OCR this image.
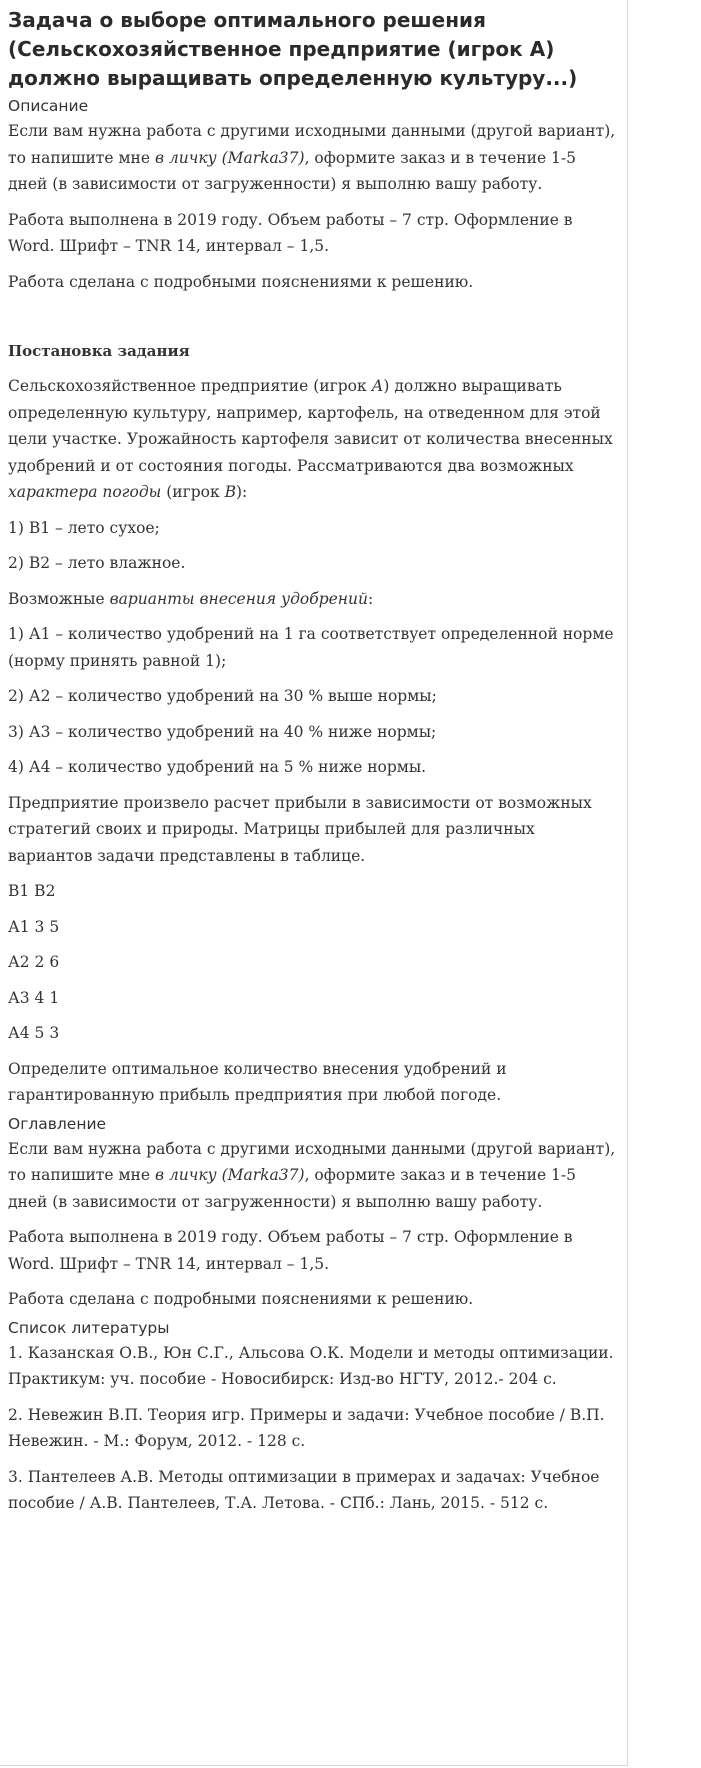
Задача о выборе оптимального решения (Сельскохозяйственное предприятие (игрок А) должно выращивать определенную культуру...)
Описание

Если вам нужна работа с другими исходными данными (другой вариант), то напишите мне в личку (Marka37), оформите заказ и в течение 1-5 дней (в зависимости от загруженности) я выполню вашу работу.

Работа выполнена в 2019 году. Объем работы – 7 стр. Оформление в Word. Шрифт – TNR 14, интервал – 1,5.

Работа сделана с подробными пояснениями к решению.

Постановка задания

Сельскохозяйственное предприятие (игрок А) должно выращивать определенную культуру, например, картофель, на отведенном для этой цели участке. Урожайность картофеля зависит от количества внесенных удобрений и от состояния погоды. Рассматриваются два возможных характера погоды (игрок В):

1) В1 – лето сухое;

2) В2 – лето влажное.

Возможные варианты внесения удобрений:

1) А1 – количество удобрений на 1 га соответствует определенной норме (норму принять равной 1);

2) А2 – количество удобрений на 30 % выше нормы;

3) А3 – количество удобрений на 40 % ниже нормы;

4) А4 – количество удобрений на 5 % ниже нормы.

Предприятие произвело расчет прибыли в зависимости от возможных стратегий своих и природы. Матрицы прибылей для различных вариантов задачи представлены в таблице.

В1 В2

А1 3 5

А2 2 6

А3 4 1

А4 5 3

Определите оптимальное количество внесения удобрений и гарантированную прибыль предприятия при любой погоде.

Оглавление

Если вам нужна работа с другими исходными данными (другой вариант), то напишите мне в личку (Marka37), оформите заказ и в течение 1-5 дней (в зависимости от загруженности) я выполню вашу работу.

Работа выполнена в 2019 году. Объем работы – 7 стр. Оформление в Word. Шрифт – TNR 14, интервал – 1,5.

Работа сделана с подробными пояснениями к решению.

Список литературы

1. Казанская О.В., Юн С.Г., Альсова О.К. Модели и методы оптимизации. Практикум: уч. пособие - Новосибирск: Изд-во НГТУ, 2012.- 204 с.

2. Невежин В.П. Теория игр. Примеры и задачи: Учебное пособие / В.П. Невежин. - М.: Форум, 2012. - 128 с.

3. Пантелеев А.В. Методы оптимизации в примерах и задачах: Учебное пособие / А.В. Пантелеев, Т.А. Летова. - СПб.: Лань, 2015. - 512 с.
